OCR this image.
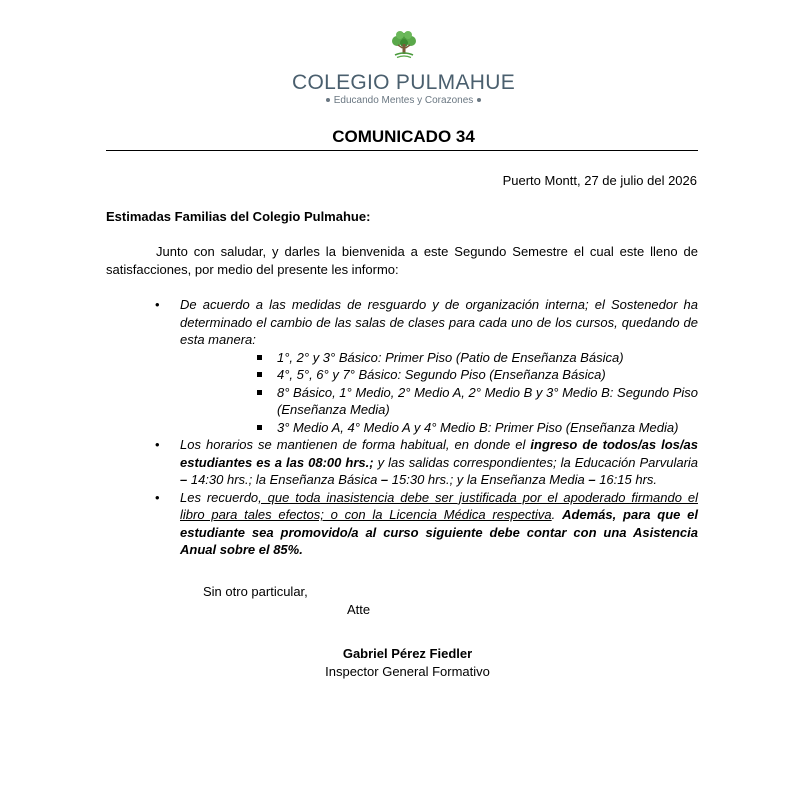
COLEGIO PULMAHUE
Educando Mentes y Corazones
COMUNICADO 34
Puerto Montt, 27 de julio del 2026
Estimadas Familias del Colegio Pulmahue:
Junto con saludar, y darles la bienvenida a este Segundo Semestre el cual este lleno de satisfacciones, por medio del presente les informo:
• De acuerdo a las medidas de resguardo y de organización interna; el Sostenedor ha determinado el cambio de las salas de clases para cada uno de los cursos, quedando de esta manera:
1°, 2° y 3° Básico: Primer Piso (Patio de Enseñanza Básica)
4°, 5°, 6° y 7° Básico: Segundo Piso (Enseñanza Básica)
8° Básico, 1° Medio, 2° Medio A, 2° Medio B y 3° Medio B: Segundo Piso (Enseñanza Media)
3° Medio A, 4° Medio A y 4° Medio B: Primer Piso (Enseñanza Media)
• Los horarios se mantienen de forma habitual, en donde el ingreso de todos/as los/as estudiantes es a las 08:00 hrs.; y las salidas correspondientes; la Educación Parvularia – 14:30 hrs.; la Enseñanza Básica – 15:30 hrs.; y la Enseñanza Media – 16:15 hrs.
• Les recuerdo, que toda inasistencia debe ser justificada por el apoderado firmando el libro para tales efectos; o con la Licencia Médica respectiva. Además, para que el estudiante sea promovido/a al curso siguiente debe contar con una Asistencia Anual sobre el 85%.
Sin otro particular,
Atte
Gabriel Pérez Fiedler
Inspector General Formativo
